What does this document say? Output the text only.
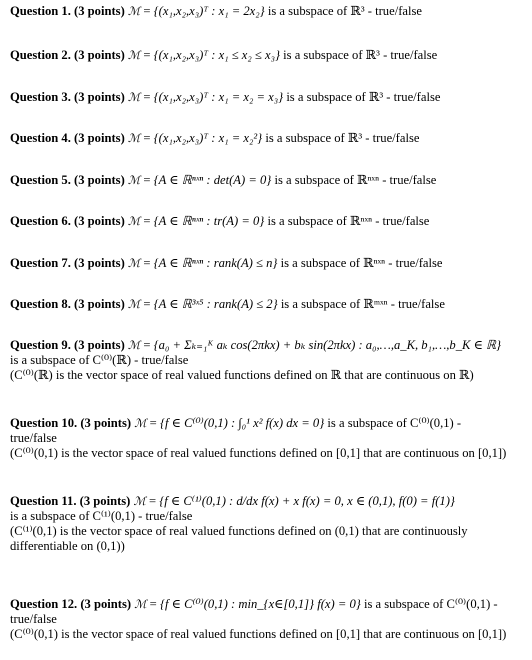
Question 1. (3 points) ℳ = {(x₁,x₂,x₃)ᵀ : x₁ = 2x₂} is a subspace of ℝ³ - true/false
Question 2. (3 points) ℳ = {(x₁,x₂,x₃)ᵀ : x₁ ≤ x₂ ≤ x₃} is a subspace of ℝ³ - true/false
Question 3. (3 points) ℳ = {(x₁,x₂,x₃)ᵀ : x₁ = x₂ = x₃} is a subspace of ℝ³ - true/false
Question 4. (3 points) ℳ = {(x₁,x₂,x₃)ᵀ : x₁ = x₂²} is a subspace of ℝ³ - true/false
Question 5. (3 points) ℳ = {A ∈ ℝⁿˣⁿ : det(A) = 0} is a subspace of ℝⁿˣⁿ - true/false
Question 6. (3 points) ℳ = {A ∈ ℝⁿˣⁿ : tr(A) = 0} is a subspace of ℝⁿˣⁿ - true/false
Question 7. (3 points) ℳ = {A ∈ ℝⁿˣⁿ : rank(A) ≤ n} is a subspace of ℝⁿˣⁿ - true/false
Question 8. (3 points) ℳ = {A ∈ ℝ³ˣ⁵ : rank(A) ≤ 2} is a subspace of ℝᵐˣⁿ - true/false
Question 9. (3 points) ℳ = {a₀ + Σₖ₌₁ᴷ aₖ cos(2πkx) + bₖ sin(2πkx) : a₀,…,a_K, b₁,…,b_K ∈ ℝ}
is a subspace of C⁽⁰⁾(ℝ) - true/false
(C⁽⁰⁾(ℝ) is the vector space of real valued functions defined on ℝ that are continuous on ℝ)
Question 10. (3 points) ℳ = {f ∈ C⁽⁰⁾(0,1) : ∫₀¹ x² f(x) dx = 0} is a subspace of C⁽⁰⁾(0,1) -
true/false
(C⁽⁰⁾(0,1) is the vector space of real valued functions defined on [0,1] that are continuous on [0,1])
Question 11. (3 points) ℳ = {f ∈ C⁽¹⁾(0,1) : d/dx f(x) + x f(x) = 0, x ∈ (0,1), f(0) = f(1)}
is a subspace of C⁽¹⁾(0,1) - true/false
(C⁽¹⁾(0,1) is the vector space of real valued functions defined on (0,1) that are continuously differentiable on (0,1))
Question 12. (3 points) ℳ = {f ∈ C⁽⁰⁾(0,1) : min_{x∈[0,1]} f(x) = 0} is a subspace of C⁽⁰⁾(0,1) -
true/false
(C⁽⁰⁾(0,1) is the vector space of real valued functions defined on [0,1] that are continuous on [0,1])
